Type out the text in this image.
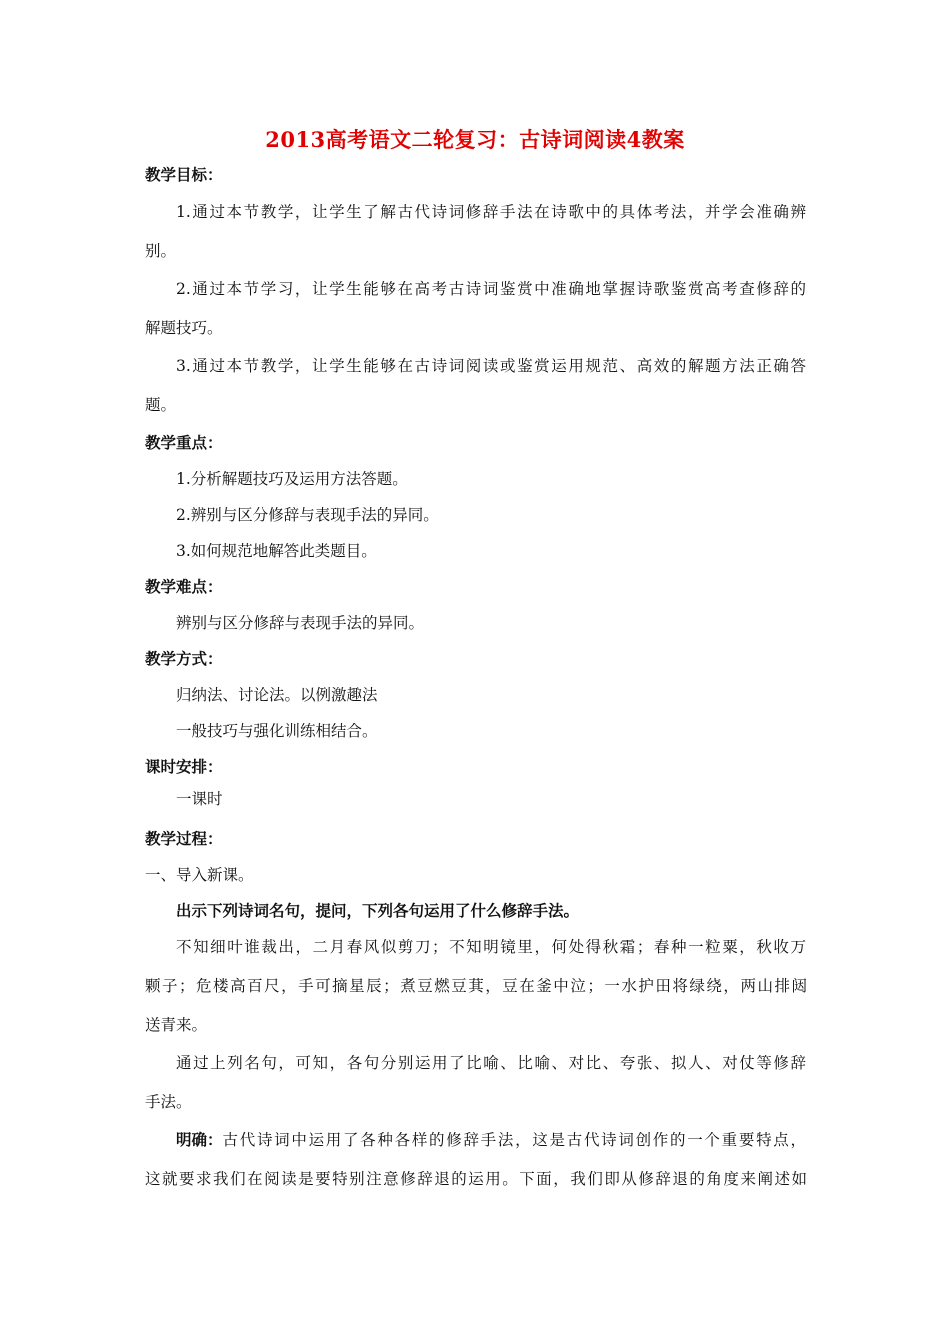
2013高考语文二轮复习：古诗词阅读4教案
教学目标：
1.通过本节教学，让学生了解古代诗词修辞手法在诗歌中的具体考法，并学会准确辨
别。
2.通过本节学习，让学生能够在高考古诗词鉴赏中准确地掌握诗歌鉴赏高考查修辞的
解题技巧。
3.通过本节教学，让学生能够在古诗词阅读或鉴赏运用规范、高效的解题方法正确答
题。
教学重点：
1.分析解题技巧及运用方法答题。
2.辨别与区分修辞与表现手法的异同。
3.如何规范地解答此类题目。
教学难点：
辨别与区分修辞与表现手法的异同。
教学方式：
归纳法、讨论法。以例激趣法
一般技巧与强化训练相结合。
课时安排：
一课时
教学过程：
一、导入新课。
出示下列诗词名句，提问，下列各句运用了什么修辞手法。
不知细叶谁裁出，二月春风似剪刀；不知明镜里，何处得秋霜；春种一粒粟，秋收万
颗子；危楼高百尺，手可摘星辰；煮豆燃豆萁，豆在釜中泣；一水护田将绿绕，两山排闼
送青来。
通过上列名句，可知，各句分别运用了比喻、比喻、对比、夸张、拟人、对仗等修辞
手法。
明确： 古代诗词中运用了各种各样的修辞手法，这是古代诗词创作的一个重要特点，
这就要求我们在阅读是要特别注意修辞退的运用。下面，我们即从修辞退的角度来阐述如
